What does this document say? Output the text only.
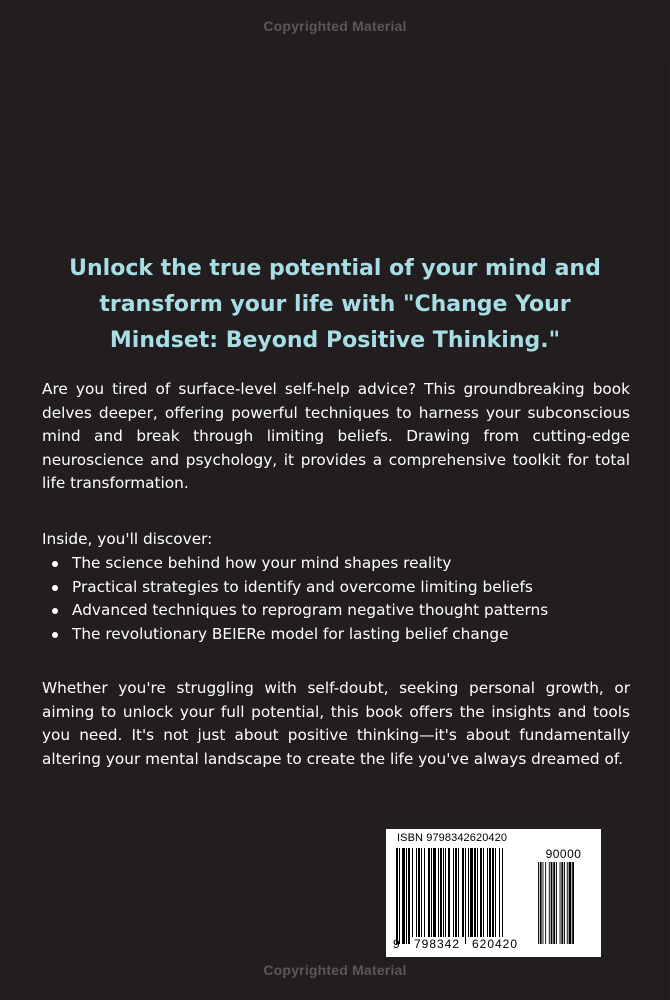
Copyrighted Material
Unlock the true potential of your mind and
transform your life with "Change Your
Mindset: Beyond Positive Thinking."
Are you tired of surface-level self-help advice? This groundbreaking book delves deeper, offering powerful techniques to harness your subconscious mind and break through limiting beliefs. Drawing from cutting-edge neuroscience and psychology, it provides a comprehensive toolkit for total life transformation.
Inside, you'll discover:
The science behind how your mind shapes reality
Practical strategies to identify and overcome limiting beliefs
Advanced techniques to reprogram negative thought patterns
The revolutionary BEIERe model for lasting belief change
Whether you're struggling with self-doubt, seeking personal growth, or aiming to unlock your full potential, this book offers the insights and tools you need. It's not just about positive thinking—it's about fundamentally altering your mental landscape to create the life you've always dreamed of.
ISBN 9798342620420
90000
9	798342 620420
Copyrighted Material
